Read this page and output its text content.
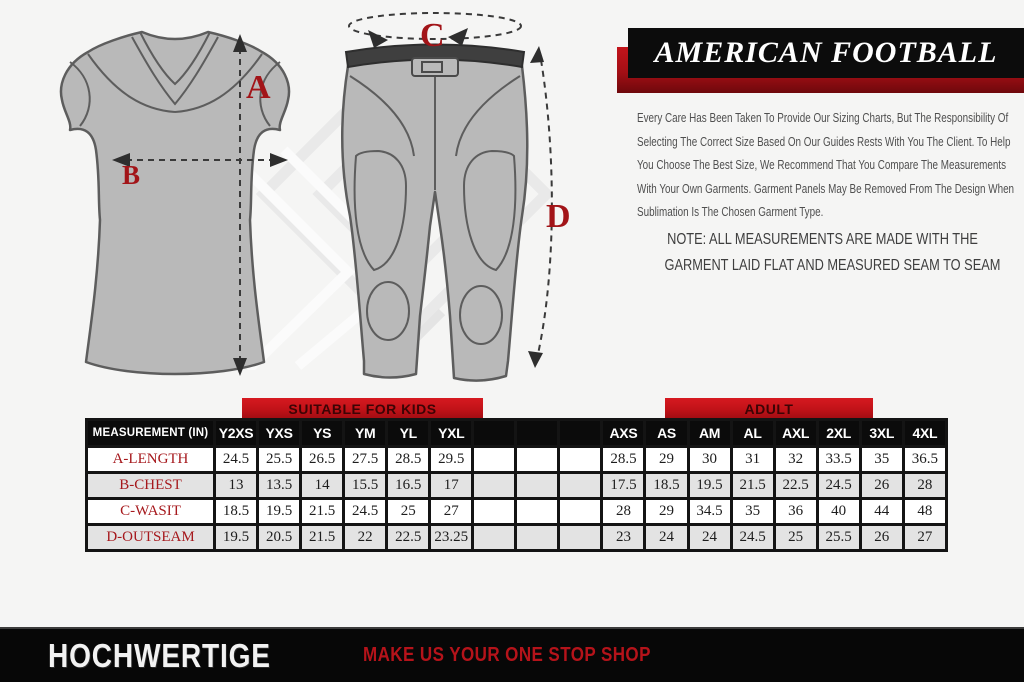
A
B
C
D
AMERICAN FOOTBALL
Every Care Has Been Taken To Provide Our Sizing Charts, But The Responsibility Of
Selecting The Correct Size Based On Our Guides Rests With You The Client. To Help
You Choose The Best Size, We Recommend That You Compare The Measurements
With Your Own Garments. Garment Panels May Be Removed From The Design When
Sublimation Is The Chosen Garment Type.
NOTE: ALL MEASUREMENTS ARE MADE WITH THE
GARMENT LAID FLAT AND MEASURED SEAM TO SEAM
SUITABLE FOR KIDS	ADULT
MEASUREMENT (IN)	Y2XS	YXS	YS	YM	YL	YXL				AXS	AS	AM	AL	AXL	2XL	3XL	4XL
A-LENGTH	24.5	25.5	26.5	27.5	28.5	29.5				28.5	29	30	31	32	33.5	35	36.5
B-CHEST	13	13.5	14	15.5	16.5	17				17.5	18.5	19.5	21.5	22.5	24.5	26	28
C-WASIT	18.5	19.5	21.5	24.5	25	27				28	29	34.5	35	36	40	44	48
D-OUTSEAM	19.5	20.5	21.5	22	22.5	23.25				23	24	24	24.5	25	25.5	26	27
HOCHWERTIGE	MAKE US YOUR ONE STOP SHOP
